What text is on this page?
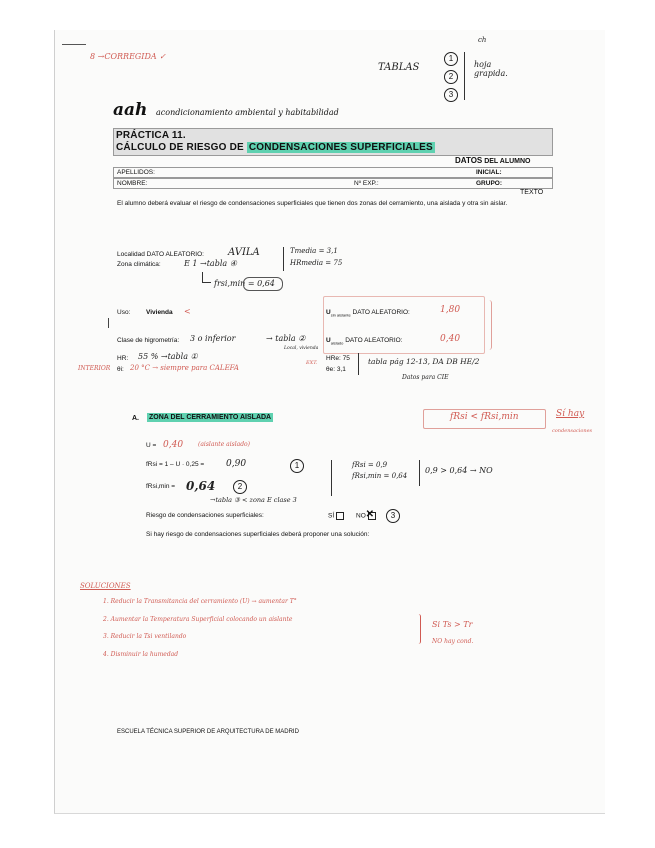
8 →CORREGIDA ✓
TABLAS
1
2
3
ch
hoja
grapida.
aah acondicionamiento ambiental y habitabilidad
PRÁCTICA 11.
CÁLCULO DE RIESGO DE CONDENSACIONES SUPERFICIALES
DATOS DEL ALUMNO
APELLIDOS:	INICIAL:
NOMBRE:	Nº EXP.:	GRUPO:
TEXTO
El alumno deberá evaluar el riesgo de condensaciones superficiales que tienen dos zonas del cerramiento, una aislada y otra sin aislar.
Localidad DATO ALEATORIO: AVILA
Zona climática:	E 1 →tabla ④
Tmedia = 3,1
HRmedia = 75
frsi,min = 0,64
Uso: Vivienda <	$U_{sin aislante}$ DATO ALEATORIO:	1,80
$U_{aislado}$ DATO ALEATORIO:	0,40
Clase de higrometría: 3 o inferior	→ tabla ②
Local, vivienda
INTERIOR
HR: 55 % →tabla ①
θi: 20 °C → siempre para CALEFA
EXT.
HRe: 75
θe: 3,1
tabla pág 12-13, DA DB HE/2
Datos para CIE
A. ZONA DEL CERRAMIENTO AISLADA	fRsi < fRsi,min	Sí hay
condensaciones
U = 0,40 (aislante aislado)
fRsi = 1 – U · 0,25 = 0,90	1
fRsi,min = 0,64	2
→tabla ③ < zona E clase 3
fRsi = 0,9
fRsi,min = 0,64
0,9 > 0,64 → NO
Riesgo de condensaciones superficiales:	SÍ	NO ✕	3
Si hay riesgo de condensaciones superficiales deberá proponer una solución:
SOLUCIONES
1. Reducir la Transmitancia del cerramiento (U) → aumentar T°
2. Aumentar la Temperatura Superficial colocando un aislante
3. Reducir la Tsi ventilando
4. Disminuir la humedad
Si Ts > Tr
NO hay cond.
ESCUELA TÉCNICA SUPERIOR DE ARQUITECTURA DE MADRID
